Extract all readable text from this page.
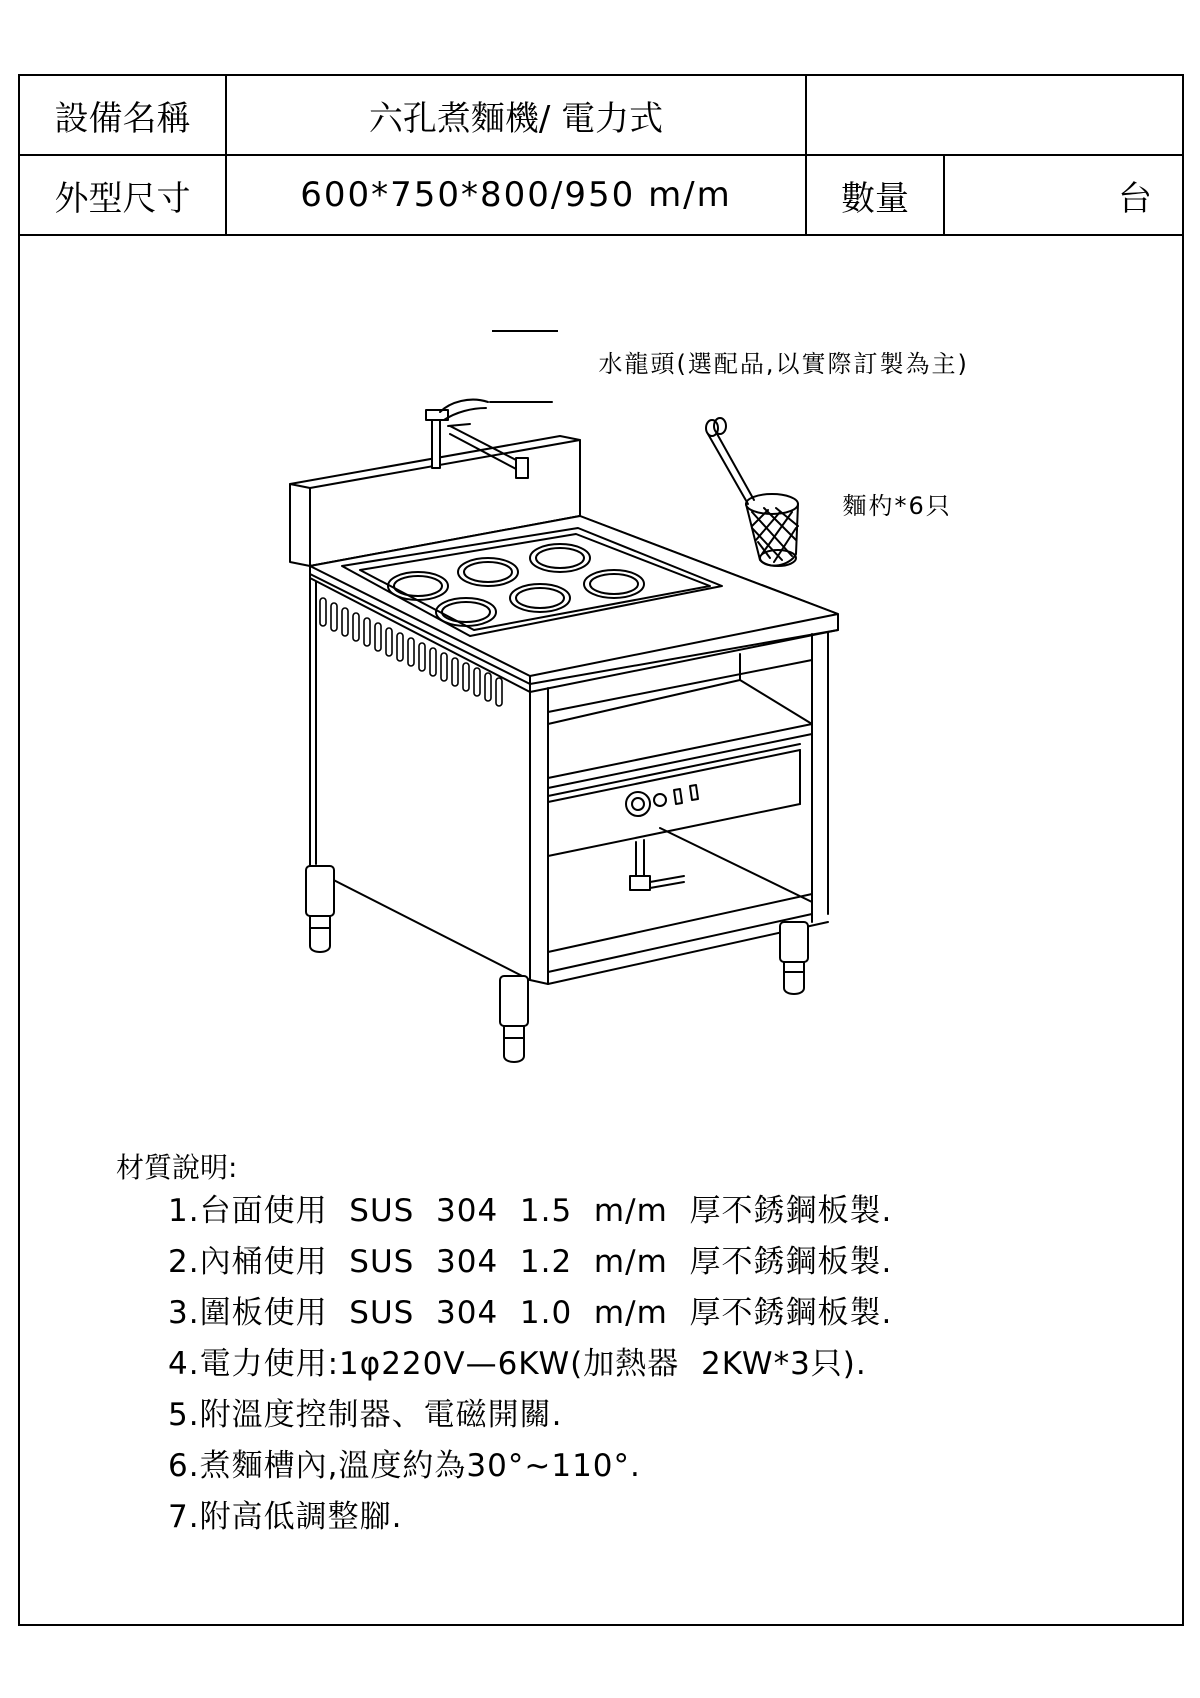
設備名稱	六孔煮麵機/ 電力式		
外型尺寸	600*750*800/950 m/m	數量	台

水龍頭(選配品,以實際訂製為主)

麵杓*6只

材質說明:
1.台面使用  SUS  304  1.5  m/m  厚不銹鋼板製.
2.內桶使用  SUS  304  1.2  m/m  厚不銹鋼板製.
3.圍板使用  SUS  304  1.0  m/m  厚不銹鋼板製.
4.電力使用:1φ220V—6KW(加熱器  2KW*3只).
5.附溫度控制器、電磁開關.
6.煮麵槽內,溫度約為30°~110°.
7.附高低調整腳.
